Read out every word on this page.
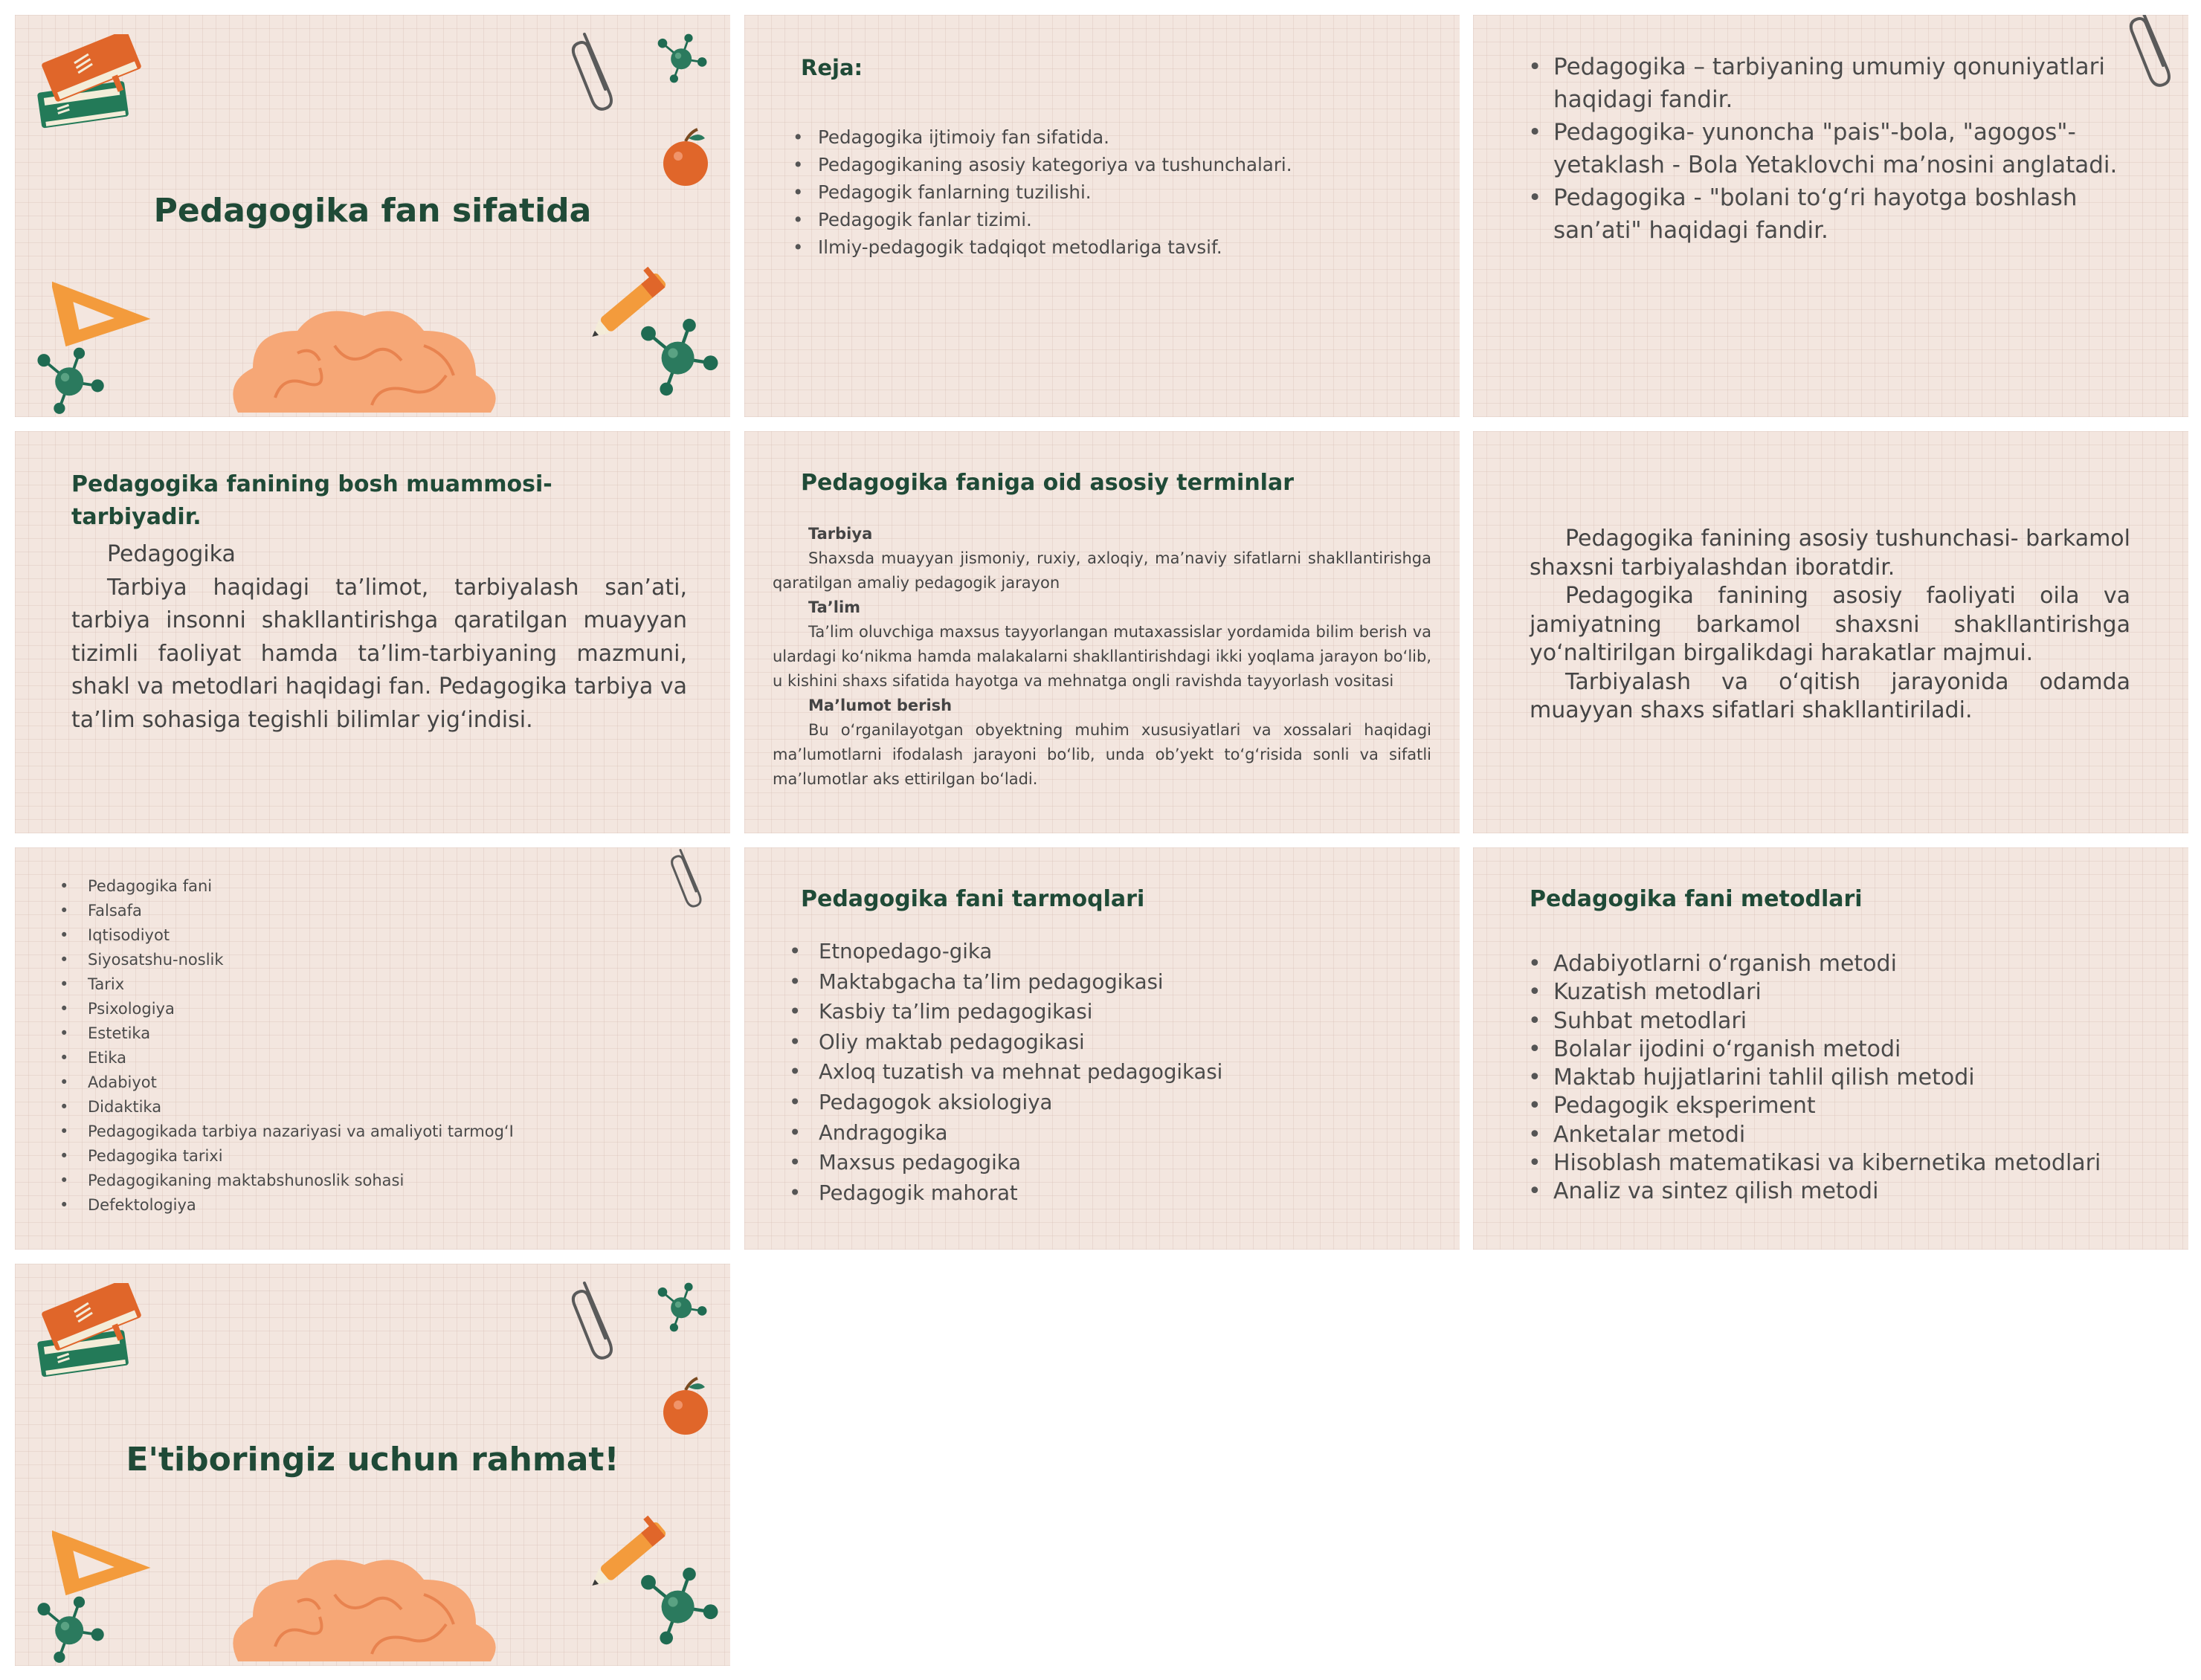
Pedagogika fan sifatida
Reja:
• Pedagogika ijtimoiy fan sifatida.
• Pedagogikaning asosiy kategoriya va tushunchalari.
• Pedagogik fanlarning tuzilishi.
• Pedagogik fanlar tizimi.
• Ilmiy-pedagogik tadqiqot metodlariga tavsif.
• Pedagogika – tarbiyaning umumiy qonuniyatlari haqidagi fandir.
• Pedagogika- yunoncha "pais"-bola, "agogos"- yetaklash - Bola Yetaklovchi ma’nosini anglatadi.
• Pedagogika - "bolani to‘g‘ri hayotga boshlash san’ati" haqidagi fandir.
Pedagogika fanining bosh muammosi- tarbiyadir.

Pedagogika

Tarbiya haqidagi ta’limot, tarbiyalash san’ati, tarbiya insonni shakllantirishga qaratilgan muayyan tizimli faoliyat hamda ta’lim-tarbiyaning mazmuni, shakl va metodlari haqidagi fan. Pedagogika tarbiya va ta’lim sohasiga tegishli bilimlar yig‘indisi.

Pedagogika faniga oid asosiy terminlar

Tarbiya

Shaxsda muayyan jismoniy, ruxiy, axloqiy, ma’naviy sifatlarni shakllantirishga qaratilgan amaliy pedagogik jarayon

Ta’lim

Ta’lim oluvchiga maxsus tayyorlangan mutaxassislar yordamida bilim berish va ulardagi ko‘nikma hamda malakalarni shakllantirishdagi ikki yoqlama jarayon bo‘lib, u kishini shaxs sifatida hayotga va mehnatga ongli ravishda tayyorlash vositasi

Ma’lumot berish

Bu o‘rganilayotgan obyektning muhim xususiyatlari va xossalari haqidagi ma’lumotlarni ifodalash jarayoni bo‘lib, unda ob’yekt to‘g‘risida sonli va sifatli ma’lumotlar aks ettirilgan bo‘ladi.

Pedagogika fanining asosiy tushunchasi- barkamol shaxsni tarbiyalashdan iboratdir.

Pedagogika fanining asosiy faoliyati oila va jamiyatning barkamol shaxsni shakllantirishga yo‘naltirilgan birgalikdagi harakatlar majmui.

Tarbiyalash va o‘qitish jarayonida odamda muayyan shaxs sifatlari shakllantiriladi.

• Pedagogika fani
• Falsafa
• Iqtisodiyot
• Siyosatshu-noslik
• Tarix
• Psixologiya
• Estetika
• Etika
• Adabiyot
• Didaktika
• Pedagogikada tarbiya nazariyasi va amaliyoti tarmog‘I
• Pedagogika tarixi
• Pedagogikaning maktabshunoslik sohasi
• Defektologiya
Pedagogika fani tarmoqlari
• Etnopedago-gika
• Maktabgacha ta’lim pedagogikasi
• Kasbiy ta’lim pedagogikasi
• Oliy maktab pedagogikasi
• Axloq tuzatish va mehnat pedagogikasi
• Pedagogok aksiologiya
• Andragogika
• Maxsus pedagogika
• Pedagogik mahorat
Pedagogika fani metodlari
• Adabiyotlarni o‘rganish metodi
• Kuzatish metodlari
• Suhbat metodlari
• Bolalar ijodini o‘rganish metodi
• Maktab hujjatlarini tahlil qilish metodi
• Pedagogik eksperiment
• Anketalar metodi
• Hisoblash matematikasi va kibernetika metodlari
• Analiz va sintez qilish metodi
E'tiboringiz uchun rahmat!
